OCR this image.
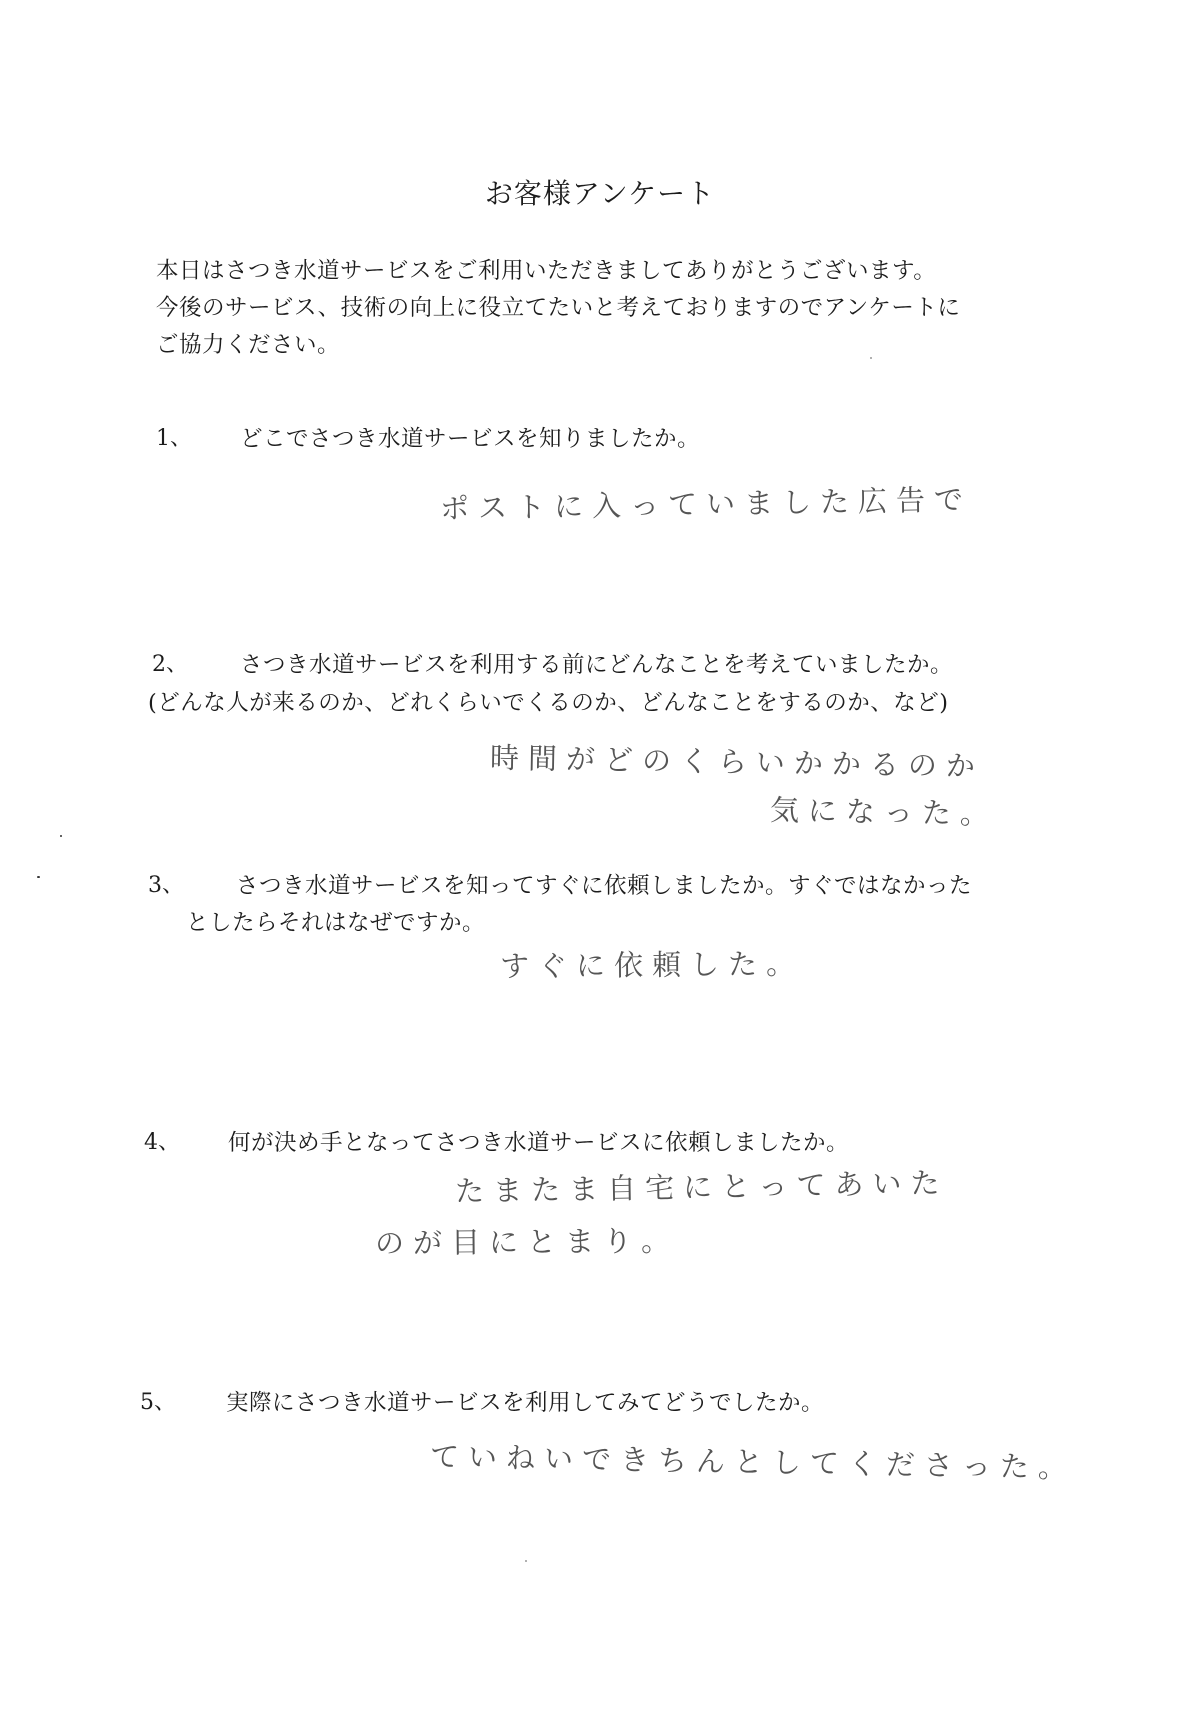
お客様アンケート
本日はさつき水道サービスをご利用いただきましてありがとうございます。
今後のサービス、技術の向上に役立てたいと考えておりますのでアンケートに
ご協力ください。
1、 どこでさつき水道サービスを知りましたか。
ポストに入っていました広告で
2、 さつき水道サービスを利用する前にどんなことを考えていましたか。
(どんな人が来るのか、どれくらいでくるのか、どんなことをするのか、など)
時間がどのくらいかかるのか
気になった。
3、 さつき水道サービスを知ってすぐに依頼しましたか。すぐではなかった
としたらそれはなぜですか。
すぐに依頼した。
4、 何が決め手となってさつき水道サービスに依頼しましたか。
たまたま自宅にとってあいた
のが目にとまり。
5、 実際にさつき水道サービスを利用してみてどうでしたか。
ていねいできちんとしてくださった。
